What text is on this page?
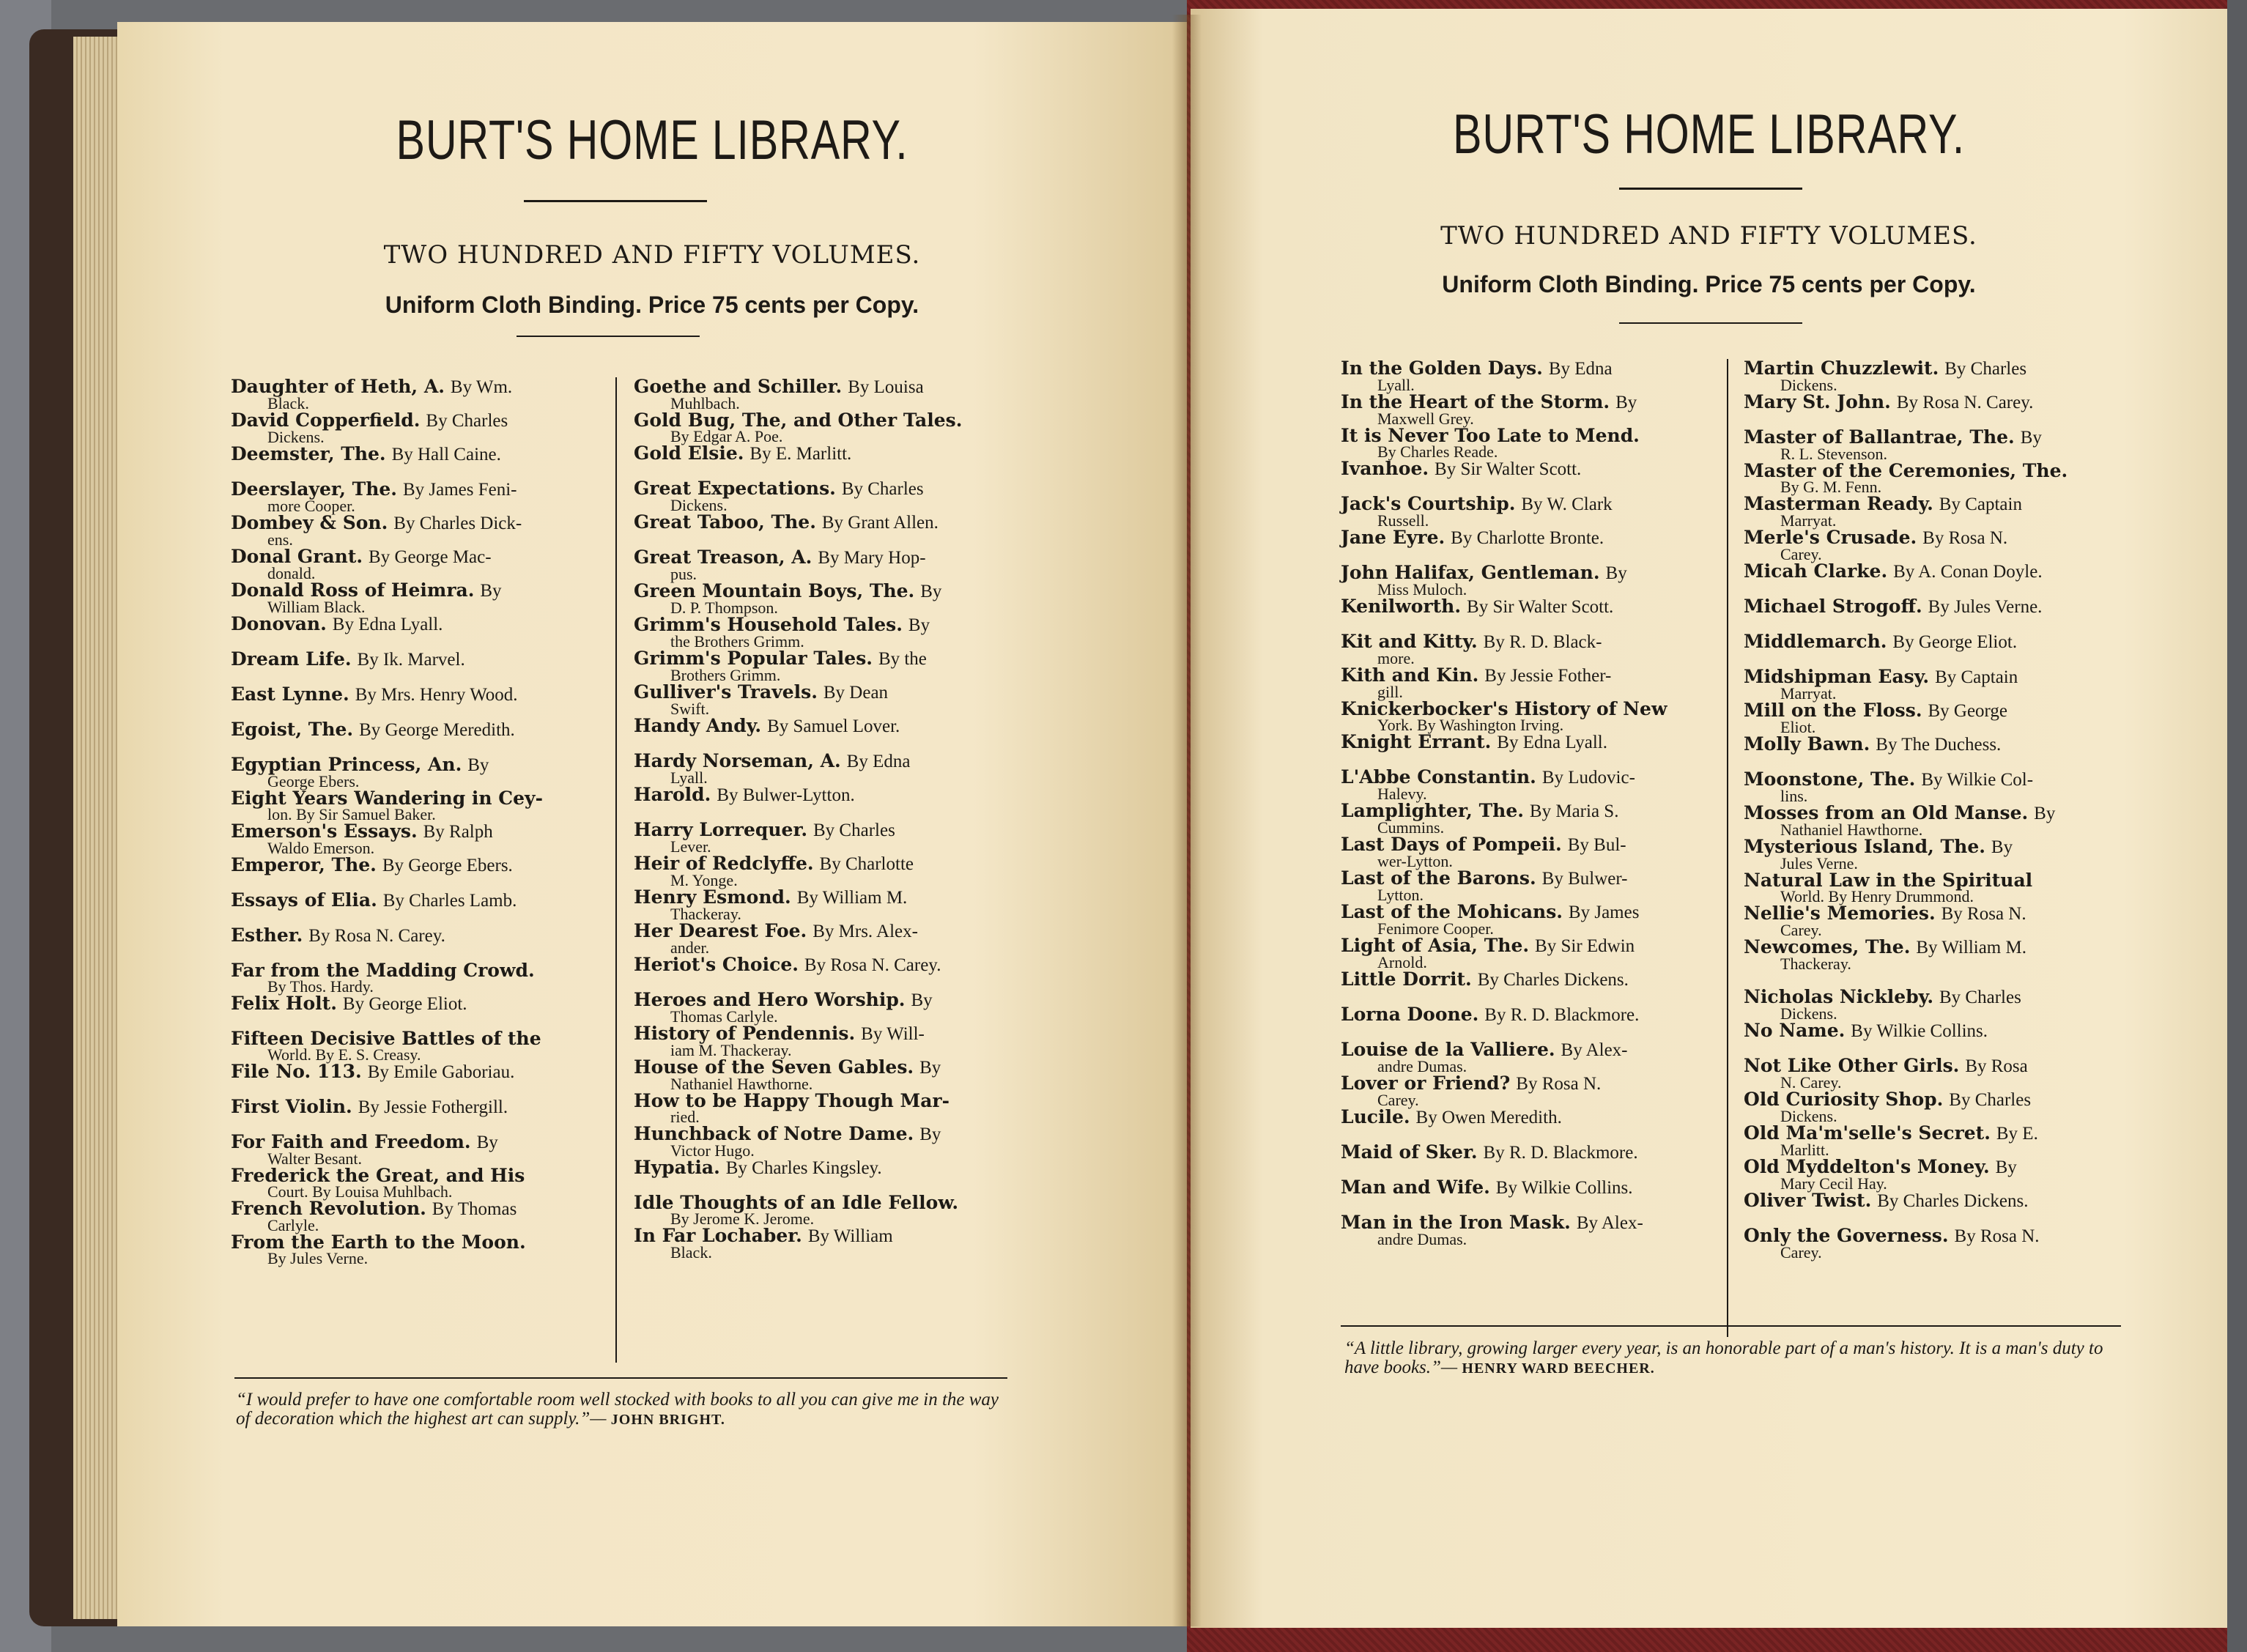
BURT'S HOME LIBRARY.
TWO HUNDRED AND FIFTY VOLUMES.
Uniform Cloth Binding. Price 75 cents per Copy.

Daughter of Heth, A. By Wm.
Black.

David Copperfield. By Charles
Dickens.

Deemster, The. By Hall Caine.

Deerslayer, The. By James Feni-
more Cooper.

Dombey & Son. By Charles Dick-
ens.

Donal Grant. By George Mac-
donald.

Donald Ross of Heimra. By
William Black.

Donovan. By Edna Lyall.

Dream Life. By Ik. Marvel.

East Lynne. By Mrs. Henry Wood.

Egoist, The. By George Meredith.

Egyptian Princess, An. By
George Ebers.

Eight Years Wandering in Cey-
lon. By Sir Samuel Baker.

Emerson's Essays. By Ralph
Waldo Emerson.

Emperor, The. By George Ebers.

Essays of Elia. By Charles Lamb.

Esther. By Rosa N. Carey.

Far from the Madding Crowd.
By Thos. Hardy.

Felix Holt. By George Eliot.

Fifteen Decisive Battles of the
World. By E. S. Creasy.

File No. 113. By Emile Gaboriau.

First Violin. By Jessie Fothergill.

For Faith and Freedom. By
Walter Besant.

Frederick the Great, and His
Court. By Louisa Muhlbach.

French Revolution. By Thomas
Carlyle.

From the Earth to the Moon.
By Jules Verne.

Goethe and Schiller. By Louisa
Muhlbach.

Gold Bug, The, and Other Tales.
By Edgar A. Poe.

Gold Elsie. By E. Marlitt.

Great Expectations. By Charles
Dickens.

Great Taboo, The. By Grant Allen.

Great Treason, A. By Mary Hop-
pus.

Green Mountain Boys, The. By
D. P. Thompson.

Grimm's Household Tales. By
the Brothers Grimm.

Grimm's Popular Tales. By the
Brothers Grimm.

Gulliver's Travels. By Dean
Swift.

Handy Andy. By Samuel Lover.

Hardy Norseman, A. By Edna
Lyall.

Harold. By Bulwer-Lytton.

Harry Lorrequer. By Charles
Lever.

Heir of Redclyffe. By Charlotte
M. Yonge.

Henry Esmond. By William M.
Thackeray.

Her Dearest Foe. By Mrs. Alex-
ander.

Heriot's Choice. By Rosa N. Carey.

Heroes and Hero Worship. By
Thomas Carlyle.

History of Pendennis. By Will-
iam M. Thackeray.

House of the Seven Gables. By
Nathaniel Hawthorne.

How to be Happy Though Mar-
ried.

Hunchback of Notre Dame. By
Victor Hugo.

Hypatia. By Charles Kingsley.

Idle Thoughts of an Idle Fellow.
By Jerome K. Jerome.

In Far Lochaber. By William
Black.

“I would prefer to have one comfortable room well stocked with books to all you can give me in the way of decoration which the highest art can supply.”— JOHN BRIGHT.
BURT'S HOME LIBRARY.
TWO HUNDRED AND FIFTY VOLUMES.
Uniform Cloth Binding. Price 75 cents per Copy.

In the Golden Days. By Edna
Lyall.

In the Heart of the Storm. By
Maxwell Grey.

It is Never Too Late to Mend.
By Charles Reade.

Ivanhoe. By Sir Walter Scott.

Jack's Courtship. By W. Clark
Russell.

Jane Eyre. By Charlotte Bronte.

John Halifax, Gentleman. By
Miss Muloch.

Kenilworth. By Sir Walter Scott.

Kit and Kitty. By R. D. Black-
more.

Kith and Kin. By Jessie Fother-
gill.

Knickerbocker's History of New
York. By Washington Irving.

Knight Errant. By Edna Lyall.

L'Abbe Constantin. By Ludovic-
Halevy.

Lamplighter, The. By Maria S.
Cummins.

Last Days of Pompeii. By Bul-
wer-Lytton.

Last of the Barons. By Bulwer-
Lytton.

Last of the Mohicans. By James
Fenimore Cooper.

Light of Asia, The. By Sir Edwin
Arnold.

Little Dorrit. By Charles Dickens.

Lorna Doone. By R. D. Blackmore.

Louise de la Valliere. By Alex-
andre Dumas.

Lover or Friend? By Rosa N.
Carey.

Lucile. By Owen Meredith.

Maid of Sker. By R. D. Blackmore.

Man and Wife. By Wilkie Collins.

Man in the Iron Mask. By Alex-
andre Dumas.

Martin Chuzzlewit. By Charles
Dickens.

Mary St. John. By Rosa N. Carey.

Master of Ballantrae, The. By
R. L. Stevenson.

Master of the Ceremonies, The.
By G. M. Fenn.

Masterman Ready. By Captain
Marryat.

Merle's Crusade. By Rosa N.
Carey.

Micah Clarke. By A. Conan Doyle.

Michael Strogoff. By Jules Verne.

Middlemarch. By George Eliot.

Midshipman Easy. By Captain
Marryat.

Mill on the Floss. By George
Eliot.

Molly Bawn. By The Duchess.

Moonstone, The. By Wilkie Col-
lins.

Mosses from an Old Manse. By
Nathaniel Hawthorne.

Mysterious Island, The. By
Jules Verne.

Natural Law in the Spiritual
World. By Henry Drummond.

Nellie's Memories. By Rosa N.
Carey.

Newcomes, The. By William M.
Thackeray.

Nicholas Nickleby. By Charles
Dickens.

No Name. By Wilkie Collins.

Not Like Other Girls. By Rosa
N. Carey.

Old Curiosity Shop. By Charles
Dickens.

Old Ma'm'selle's Secret. By E.
Marlitt.

Old Myddelton's Money. By
Mary Cecil Hay.

Oliver Twist. By Charles Dickens.

Only the Governess. By Rosa N.
Carey.

“A little library, growing larger every year, is an honorable part of a man's history. It is a man's duty to have books.”— HENRY WARD BEECHER.
